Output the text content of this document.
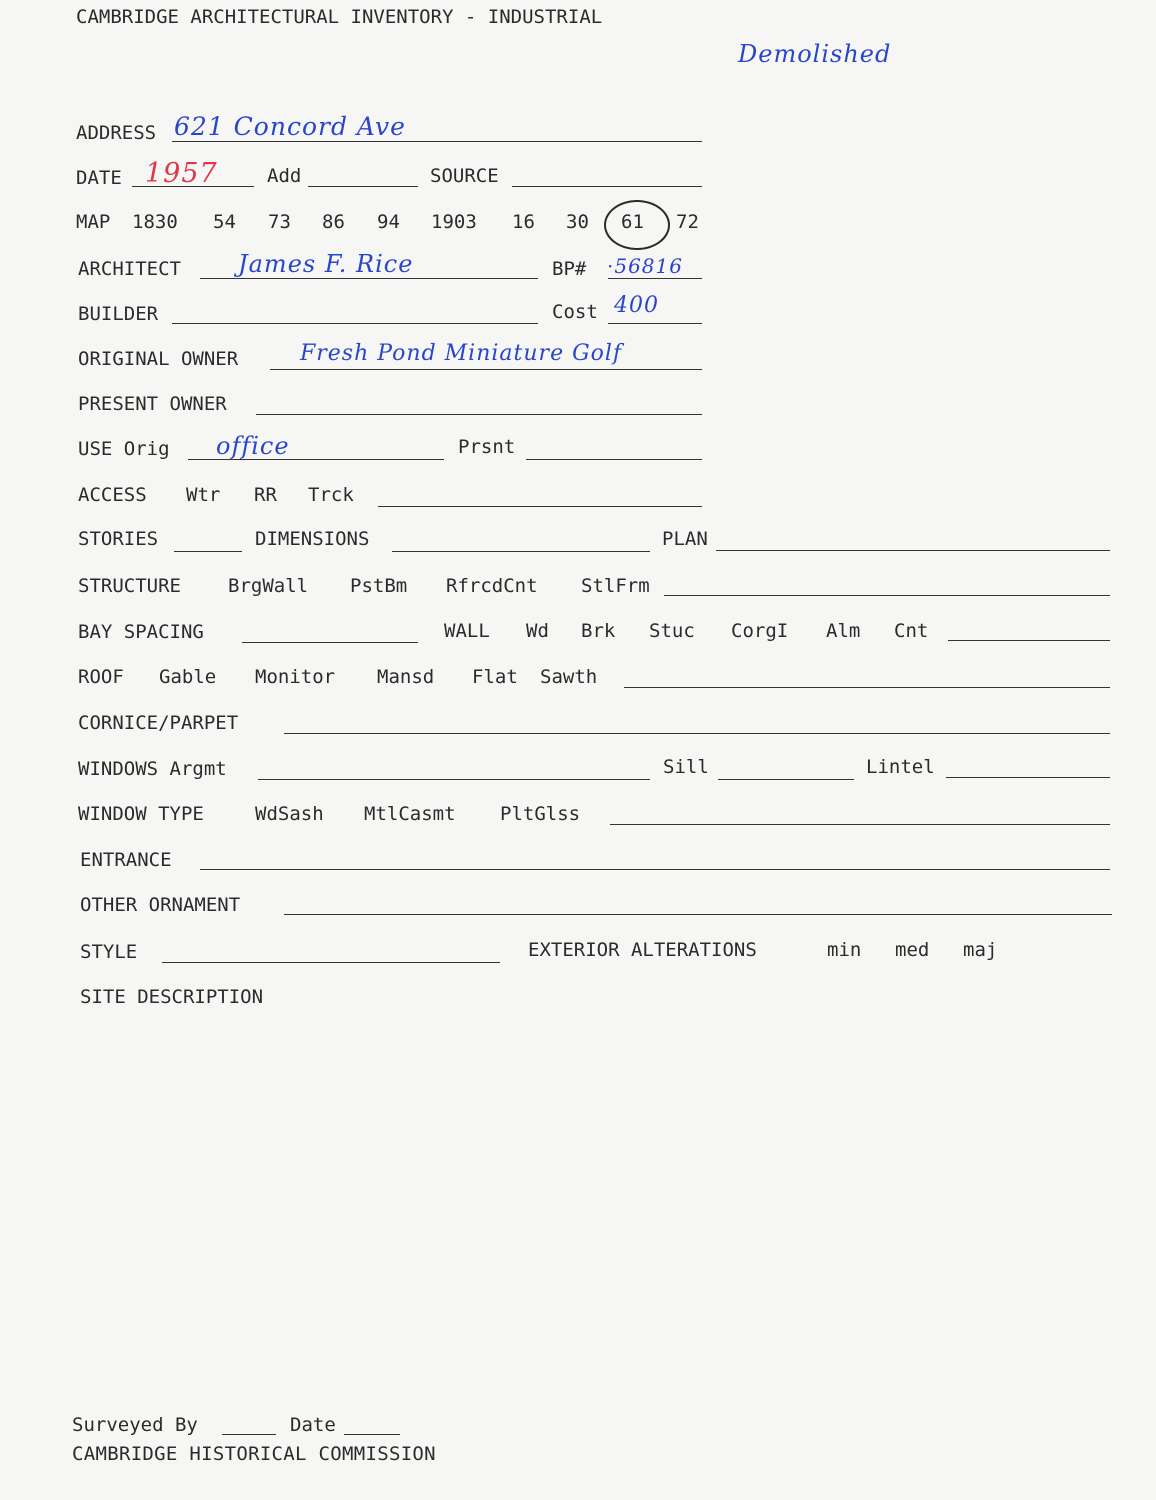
CAMBRIDGE ARCHITECTURAL INVENTORY - INDUSTRIAL
Demolished
ADDRESS 621 Concord Ave
DATE 1957	Add	SOURCE
MAP 1830 54 73 86 94 1903 16 30 61 72
ARCHITECT James F. Rice	BP# ·56816
BUILDER	Cost 400
ORIGINAL OWNER	Fresh Pond Miniature Golf
PRESENT OWNER
USE Orig office	Prsnt
ACCESS Wtr RR Trck
STORIES	DIMENSIONS	PLAN
STRUCTURE BrgWall PstBm RfrcdCnt StlFrm
BAY SPACING	WALL Wd Brk Stuc CorgI Alm Cnt
ROOF Gable Monitor Mansd Flat Sawth
CORNICE/PARPET
WINDOWS Argmt	Sill	Lintel
WINDOW TYPE	WdSash MtlCasmt PltGlss
ENTRANCE
OTHER ORNAMENT
STYLE	EXTERIOR ALTERATIONS	min med maj
SITE DESCRIPTION
Surveyed By	Date
CAMBRIDGE HISTORICAL COMMISSION
